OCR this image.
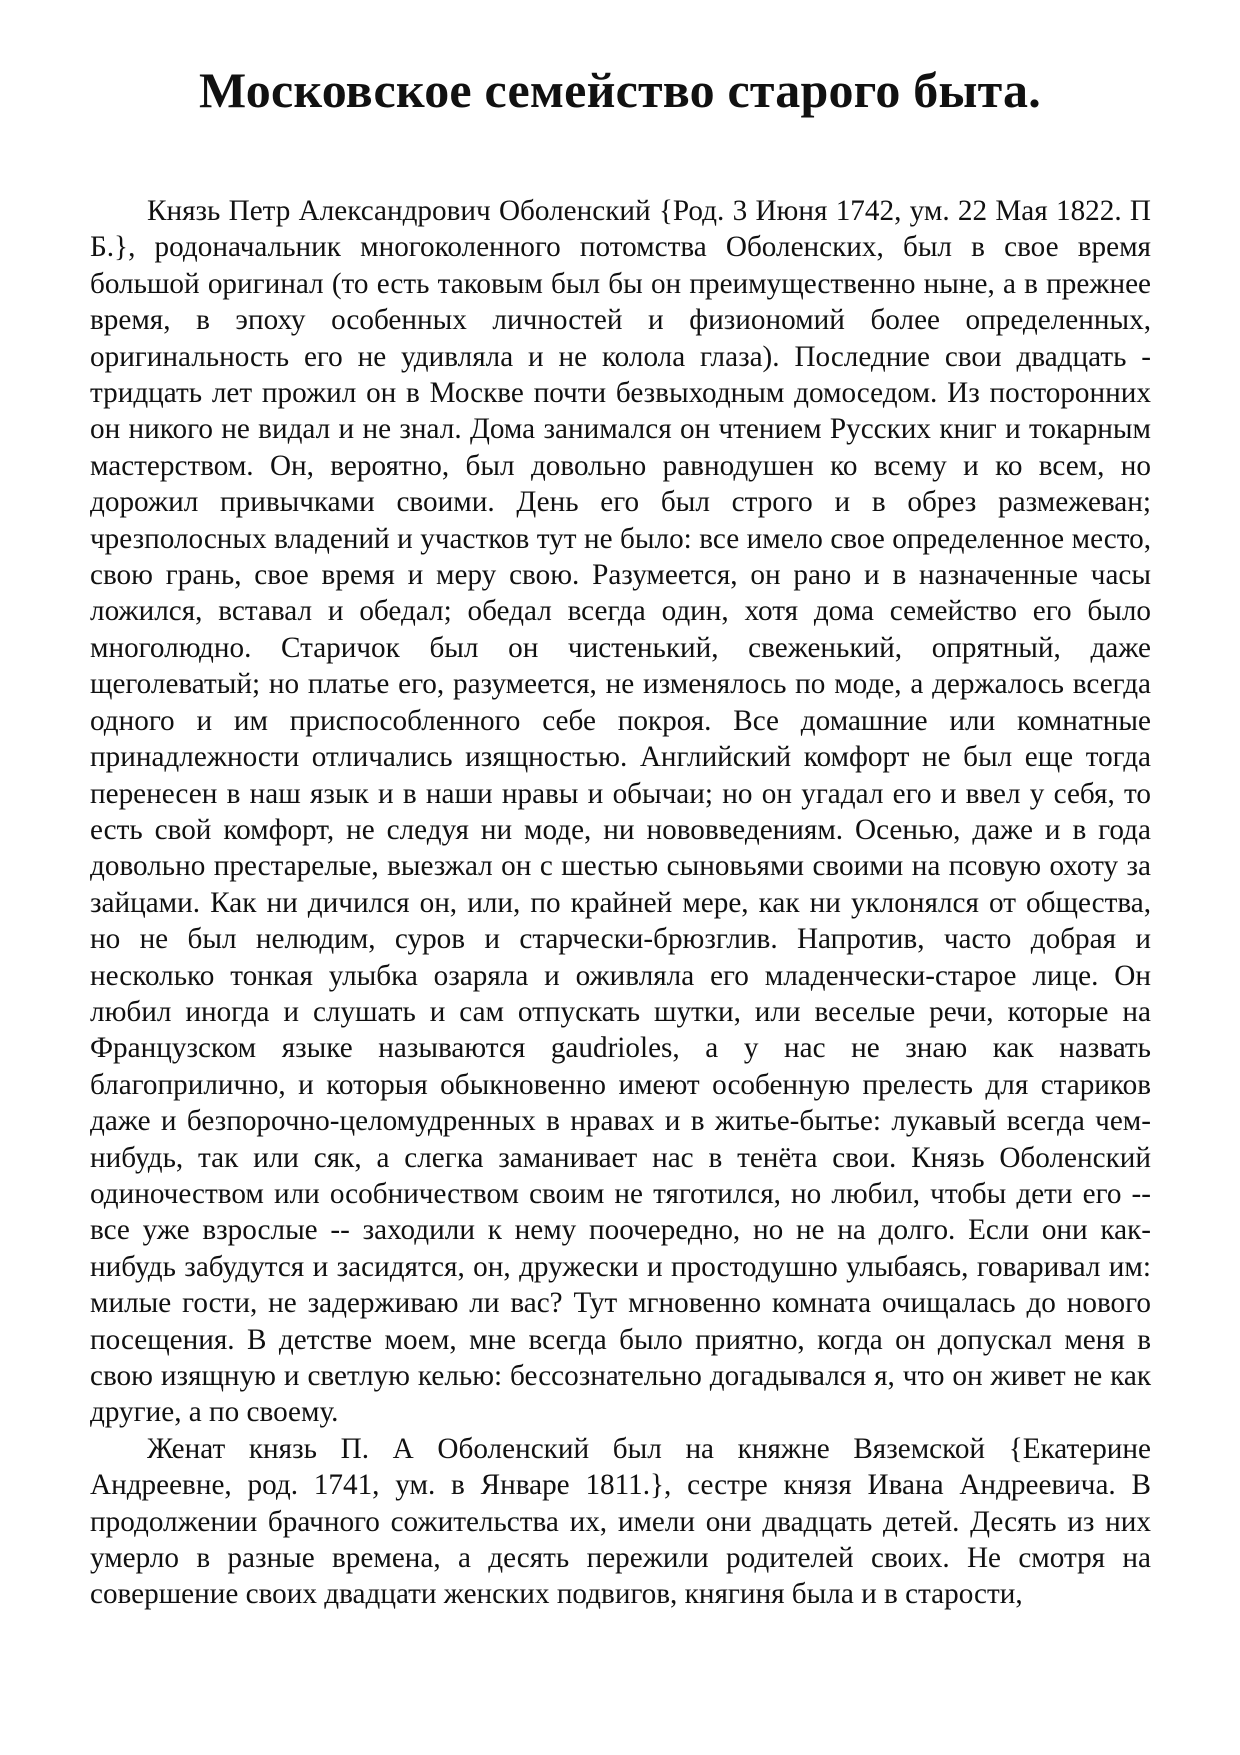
Московское семейство старого быта.

Князь Петр Александрович Оболенский {Род. 3 Июня 1742, ум. 22 Мая 1822. П Б.}, родоначальник многоколенного потомства Оболенских, был в свое время большой оригинал (то есть таковым был бы он преимущественно ныне, а в прежнее время, в эпоху особенных личностей и физиономий более определенных, оригинальность его не удивляла и не колола глаза). Последние свои двадцать - тридцать лет прожил он в Москве почти безвыходным домоседом. Из посторонних он никого не видал и не знал. Дома занимался он чтением Русских книг и токарным мастерством. Он, вероятно, был довольно равнодушен ко всему и ко всем, но дорожил привычками своими. День его был строго и в обрез размежеван; чрезполосных владений и участков тут не было: все имело свое определенное место, свою грань, свое время и меру свою. Разумеется, он рано и в назначенные часы ложился, вставал и обедал; обедал всегда один, хотя дома семейство его было многолюдно. Старичок был он чистенький, свеженький, опрятный, даже щеголеватый; но платье его, разумеется, не изменялось по моде, а держалось всегда одного и им приспособленного себе покроя. Все домашние или комнатные принадлежности отличались изящностью. Английский комфорт не был еще тогда перенесен в наш язык и в наши нравы и обычаи; но он угадал его и ввел у себя, то есть свой комфорт, не следуя ни моде, ни нововведениям. Осенью, даже и в года довольно престарелые, выезжал он с шестью сыновьями своими на псовую охоту за зайцами. Как ни дичился он, или, по крайней мере, как ни уклонялся от общества, но не был нелюдим, суров и старчески-брюзглив. Напротив, часто добрая и несколько тонкая улыбка озаряла и оживляла его младенчески-старое лице. Он любил иногда и слушать и сам отпускать шутки, или веселые речи, которые на Французском языке называются gaudrioles, а у нас не знаю как назвать благоприлично, и которыя обыкновенно имеют особенную прелесть для стариков даже и безпорочно-целомудренных в нравах и в житье-бытье: лукавый всегда чем-нибудь, так или сяк, а слегка заманивает нас в тенёта свои. Князь Оболенский одиночеством или особничеством своим не тяготился, но любил, чтобы дети его -- все уже взрослые -- заходили к нему поочередно, но не на долго. Если они как-нибудь забудутся и засидятся, он, дружески и простодушно улыбаясь, говаривал им: милые гости, не задерживаю ли вас? Тут мгновенно комната очищалась до нового посещения. В детстве моем, мне всегда было приятно, когда он допускал меня в свою изящную и светлую келью: бессознательно догадывался я, что он живет не как другие, а по своему.

Женат князь П. А Оболенский был на княжне Вяземской {Екатерине Андреевне, род. 1741, ум. в Январе 1811.}, сестре князя Ивана Андреевича. В продолжении брачного сожительства их, имели они двадцать детей. Десять из них умерло в разные времена, а десять пережили родителей своих. Не смотря на совершение своих двадцати женских подвигов, княгиня была и в старости,
